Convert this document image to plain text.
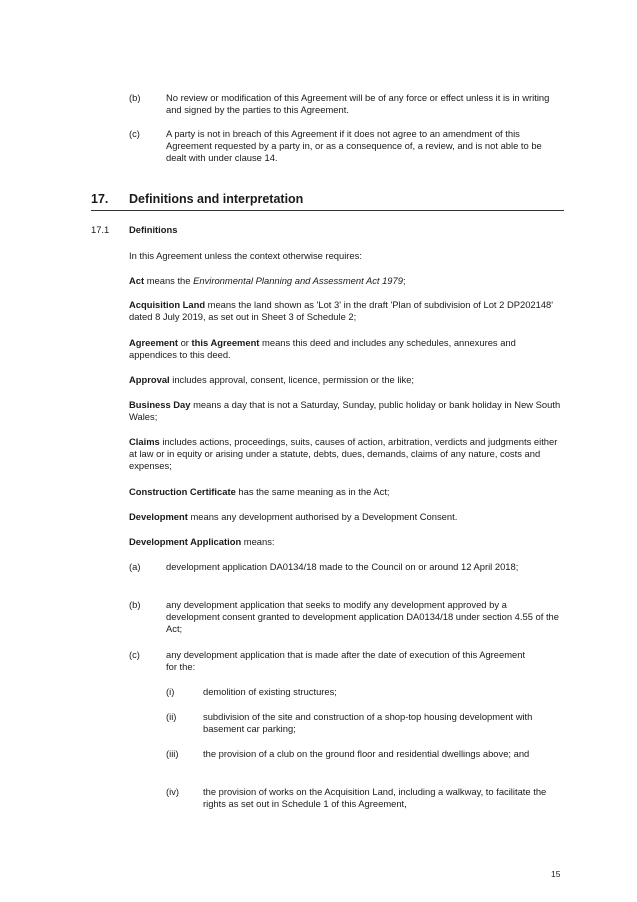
(b)	No review or modification of this Agreement will be of any force or effect unless it is in writing and signed by the parties to this Agreement.
(c)	A party is not in breach of this Agreement if it does not agree to an amendment of this Agreement requested by a party in, or as a consequence of, a review, and is not able to be dealt with under clause 14.
17. Definitions and interpretation
17.1 Definitions
In this Agreement unless the context otherwise requires:
Act means the Environmental Planning and Assessment Act 1979;
Acquisition Land means the land shown as 'Lot 3' in the draft 'Plan of subdivision of Lot 2 DP202148' dated 8 July 2019, as set out in Sheet 3 of Schedule 2;
Agreement or this Agreement means this deed and includes any schedules, annexures and appendices to this deed.
Approval includes approval, consent, licence, permission or the like;
Business Day means a day that is not a Saturday, Sunday, public holiday or bank holiday in New South Wales;
Claims includes actions, proceedings, suits, causes of action, arbitration, verdicts and judgments either at law or in equity or arising under a statute, debts, dues, demands, claims of any nature, costs and expenses;
Construction Certificate has the same meaning as in the Act;
Development means any development authorised by a Development Consent.
Development Application means:
(a)	development application DA0134/18 made to the Council on or around 12 April 2018;
(b)	any development application that seeks to modify any development approved by a development consent granted to development application DA0134/18 under section 4.55 of the Act;
(c)	any development application that is made after the date of execution of this Agreement for the:
(i)	demolition of existing structures;
(ii)	subdivision of the site and construction of a shop-top housing development with basement car parking;
(iii)	the provision of a club on the ground floor and residential dwellings above; and
(iv)	the provision of works on the Acquisition Land, including a walkway, to facilitate the rights as set out in Schedule 1 of this Agreement,
15
